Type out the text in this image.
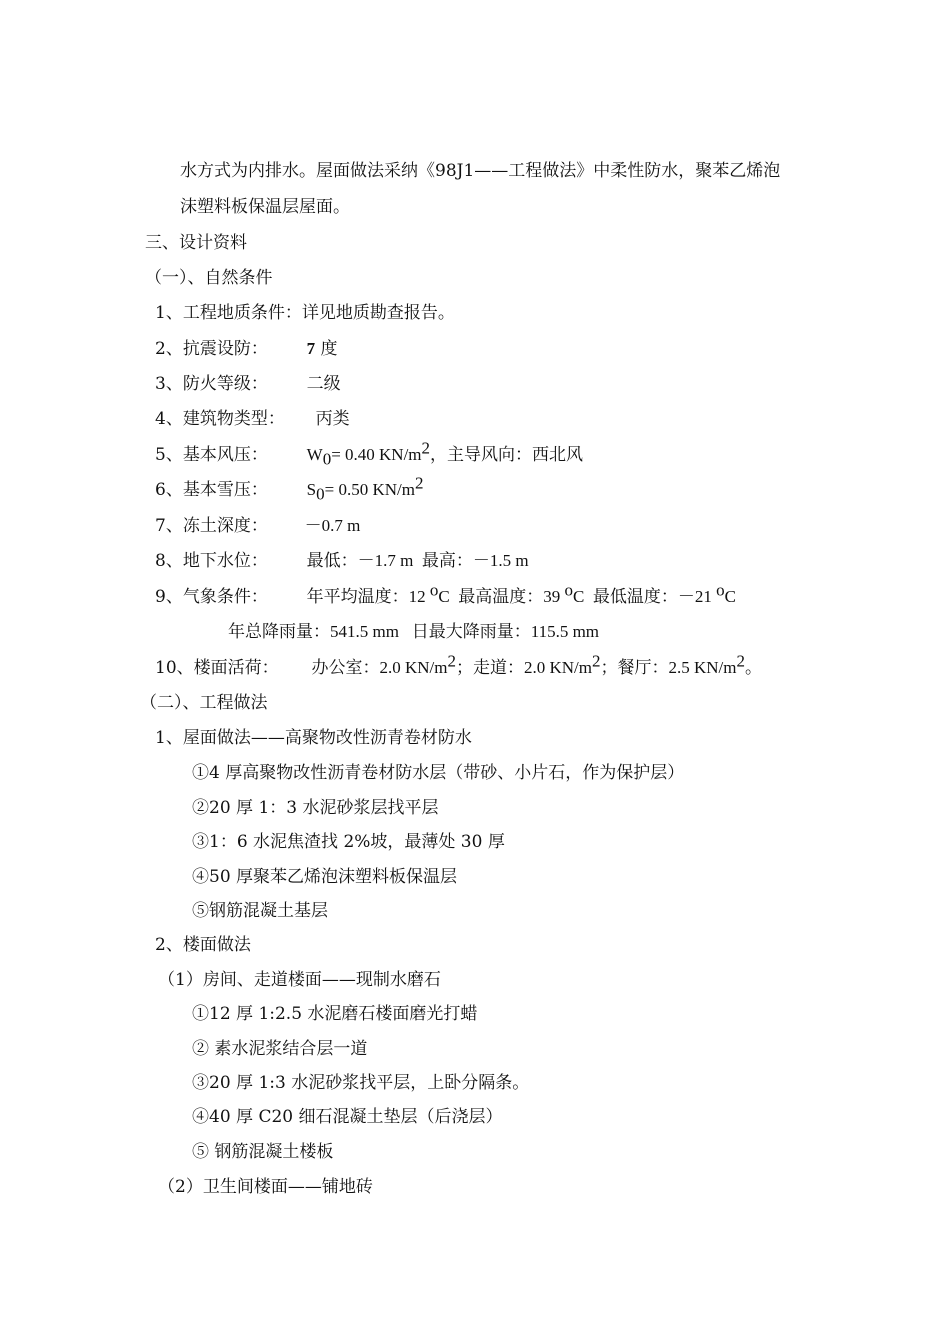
水方式为内排水。屋面做法采纳《98J1——工程做法》中柔性防水，聚苯乙烯泡
沫塑料板保温层屋面。
三、设计资料
（一）、自然条件
1、工程地质条件：详见地质勘查报告。
2、抗震设防： 7 度
3、防火等级： 二级
4、建筑物类型： 丙类
5、基本风压： $W_0= 0.40$ $KN/m^2$，主导风向：西北风
6、基本雪压： $S_0= 0.50$ $KN/m^2$
7、冻土深度： －0.7 m
8、地下水位： 最低：－1.7 m  最高：－1.5 m
9、气象条件： 年平均温度：12 $^o$C  最高温度：39 $^o$C  最低温度：－21 $^o$C
年总降雨量：541.5 mm   日最大降雨量：115.5 mm
10、楼面活荷： 办公室：2.0 $KN/m^2$；走道：2.0 $KN/m^2$；餐厅：2.5 $KN/m^2$。
（二）、工程做法
1、屋面做法——高聚物改性沥青卷材防水
①4 厚高聚物改性沥青卷材防水层（带砂、小片石，作为保护层）
②20 厚 1：3 水泥砂浆层找平层
③1：6 水泥焦渣找 2%坡，最薄处 30 厚
④50 厚聚苯乙烯泡沫塑料板保温层
⑤钢筋混凝土基层
2、楼面做法
（1）房间、走道楼面——现制水磨石
①12 厚 1:2.5 水泥磨石楼面磨光打蜡
② 素水泥浆结合层一道
③20 厚 1:3 水泥砂浆找平层，上卧分隔条。
④40 厚 C20 细石混凝土垫层（后浇层）
⑤ 钢筋混凝土楼板
（2）卫生间楼面——铺地砖
